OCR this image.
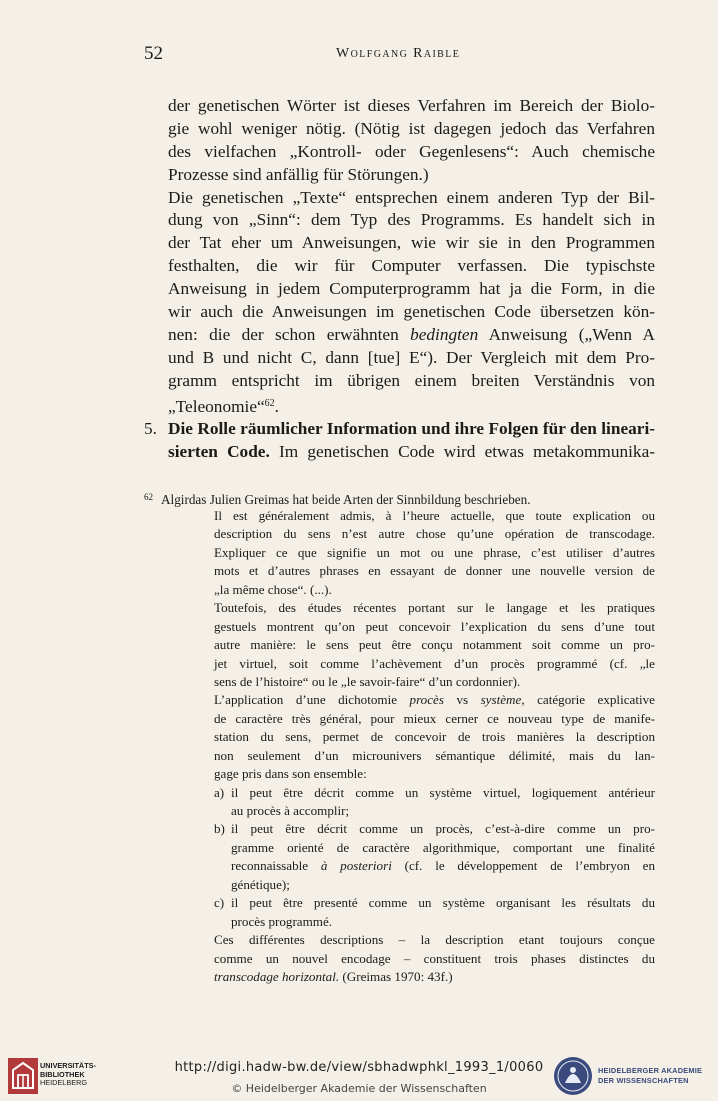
52	Wolfgang Raible
der genetischen Wörter ist dieses Verfahren im Bereich der Biolo-
gie wohl weniger nötig. (Nötig ist dagegen jedoch das Verfahren
des vielfachen „Kontroll- oder Gegenlesens“: Auch chemische
Prozesse sind anfällig für Störungen.)
Die genetischen „Texte“ entsprechen einem anderen Typ der Bil-
dung von „Sinn“: dem Typ des Programms. Es handelt sich in
der Tat eher um Anweisungen, wie wir sie in den Programmen
festhalten, die wir für Computer verfassen. Die typischste
Anweisung in jedem Computerprogramm hat ja die Form, in die
wir auch die Anweisungen im genetischen Code übersetzen kön-
nen: die der schon erwähnten bedingten Anweisung („Wenn A
und B und nicht C, dann [tue] E“). Der Vergleich mit dem Pro-
gramm entspricht im übrigen einem breiten Verständnis von
„Teleonomie“$^{62}$.
5. Die Rolle räumlicher Information und ihre Folgen für den lineari-
sierten Code. Im genetischen Code wird etwas metakommunika-
$^{62}$ Algirdas Julien Greimas hat beide Arten der Sinnbildung beschrieben.
Il est généralement admis, à l’heure actuelle, que toute explication ou
description du sens n’est autre chose qu’une opération de transcodage.
Expliquer ce que signifie un mot ou une phrase, c’est utiliser d’autres
mots et d’autres phrases en essayant de donner une nouvelle version de
„la même chose“. (...).
Toutefois, des études récentes portant sur le langage et les pratiques
gestuels montrent qu’on peut concevoir l’explication du sens d’une tout
autre manière: le sens peut être conçu notamment soit comme un pro-
jet virtuel, soit comme l’achèvement d’un procès programmé (cf. „le
sens de l’histoire“ ou le „le savoir-faire“ d’un cordonnier).
L’application d’une dichotomie procès vs système, catégorie explicative
de caractère très général, pour mieux cerner ce nouveau type de manife-
station du sens, permet de concevoir de trois manières la description
non seulement d’un microunivers sémantique délimité, mais du lan-
gage pris dans son ensemble:
a) il peut être décrit comme un système virtuel, logiquement antérieur
au procès à accomplir;
b) il peut être décrit comme un procès, c’est-à-dire comme un pro-
gramme orienté de caractère algorithmique, comportant une finalité
reconnaissable à posteriori (cf. le développement de l’embryon en
génétique);
c) il peut être presenté comme un système organisant les résultats du
procès programmé.
Ces différentes descriptions – la description etant toujours conçue
comme un nouvel encodage – constituent trois phases distinctes du
transcodage horizontal. (Greimas 1970: 43f.)
UNIVERSITÄTS-
BIBLIOTHEK
HEIDELBERG
http://digi.hadw-bw.de/view/sbhadwphkl_1993_1/0060
© Heidelberger Akademie der Wissenschaften
HEIDELBERGER AKADEMIE
DER WISSENSCHAFTEN
